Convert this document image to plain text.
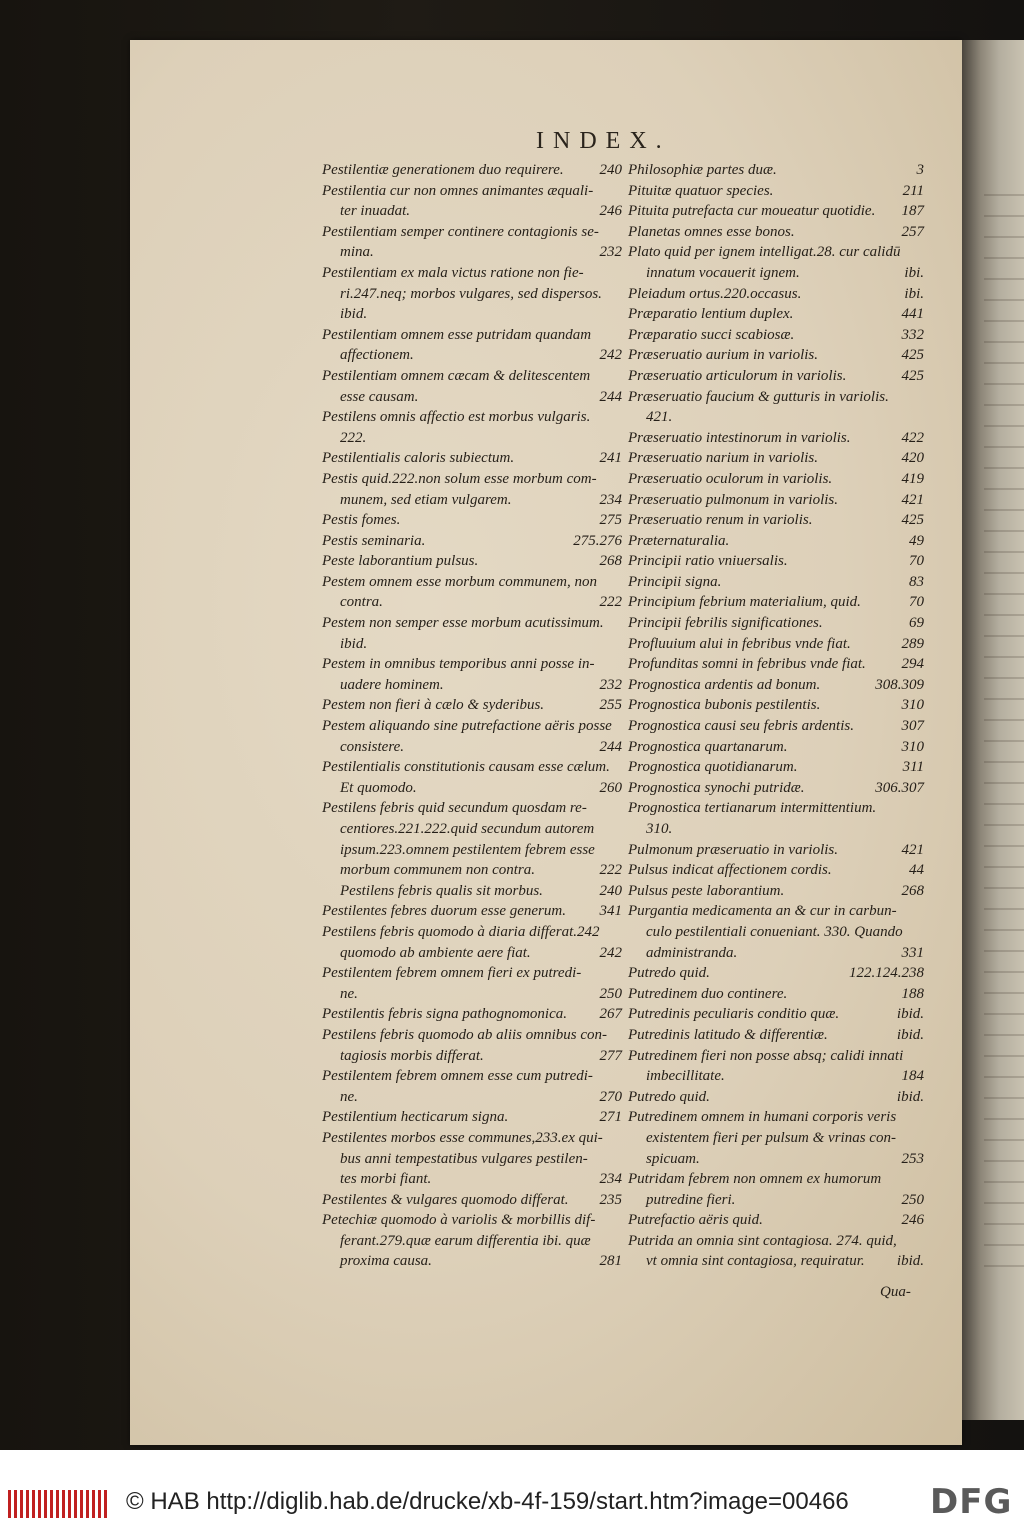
INDEX.
240
Pestilentiæ generationem duo requirere.
Pestilentia cur non omnes animantes æquali-
246
ter inuadat.
Pestilentiam semper continere contagionis se-
232
mina.
Pestilentiam ex mala victus ratione non fie-
ri.247.neq; morbos vulgares, sed dispersos.
ibid.
Pestilentiam omnem esse putridam quandam
242
affectionem.
Pestilentiam omnem cæcam & delitescentem
244
esse causam.
Pestilens omnis affectio est morbus vulgaris.
222.
241
Pestilentialis caloris subiectum.
Pestis quid.222.non solum esse morbum com-
234
munem, sed etiam vulgarem.
275
Pestis fomes.
275.276
Pestis seminaria.
268
Peste laborantium pulsus.
Pestem omnem esse morbum communem, non
222
contra.
Pestem non semper esse morbum acutissimum.
ibid.
Pestem in omnibus temporibus anni posse in-
232
uadere hominem.
255
Pestem non fieri à cælo & syderibus.
Pestem aliquando sine putrefactione aëris posse
244
consistere.
Pestilentialis constitutionis causam esse cælum.
260
Et quomodo.
Pestilens febris quid secundum quosdam re-
centiores.221.222.quid secundum autorem
ipsum.223.omnem pestilentem febrem esse
222
morbum communem non contra.
240
Pestilens febris qualis sit morbus.
341
Pestilentes febres duorum esse generum.
Pestilens febris quomodo à diaria differat.242
242
quomodo ab ambiente aere fiat.
Pestilentem febrem omnem fieri ex putredi-
250
ne.
267
Pestilentis febris signa pathognomonica.
Pestilens febris quomodo ab aliis omnibus con-
277
tagiosis morbis differat.
Pestilentem febrem omnem esse cum putredi-
270
ne.
271
Pestilentium hecticarum signa.
Pestilentes morbos esse communes,233.ex qui-
bus anni tempestatibus vulgares pestilen-
234
tes morbi fiant.
235
Pestilentes & vulgares quomodo differat.
Petechiæ quomodo à variolis & morbillis dif-
ferant.279.quæ earum differentia ibi. quæ
281
proxima causa.
3
Philosophiæ partes duæ.
211
Pituitæ quatuor species.
187
Pituita putrefacta cur moueatur quotidie.
257
Planetas omnes esse bonos.
Plato quid per ignem intelligat.28. cur calidū
ibi.
innatum vocauerit ignem.
ibi.
Pleiadum ortus.220.occasus.
441
Præparatio lentium duplex.
332
Præparatio succi scabiosæ.
425
Præseruatio aurium in variolis.
425
Præseruatio articulorum in variolis.
Præseruatio faucium & gutturis in variolis.
421.
422
Præseruatio intestinorum in variolis.
420
Præseruatio narium in variolis.
419
Præseruatio oculorum in variolis.
421
Præseruatio pulmonum in variolis.
425
Præseruatio renum in variolis.
49
Præternaturalia.
70
Principii ratio vniuersalis.
83
Principii signa.
70
Principium febrium materialium, quid.
69
Principii febrilis significationes.
289
Profluuium alui in febribus vnde fiat.
294
Profunditas somni in febribus vnde fiat.
308.309
Prognostica ardentis ad bonum.
310
Prognostica bubonis pestilentis.
307
Prognostica causi seu febris ardentis.
310
Prognostica quartanarum.
311
Prognostica quotidianarum.
306.307
Prognostica synochi putridæ.
Prognostica tertianarum intermittentium.
310.
421
Pulmonum præseruatio in variolis.
44
Pulsus indicat affectionem cordis.
268
Pulsus peste laborantium.
Purgantia medicamenta an & cur in carbun-
culo pestilentiali conueniant. 330. Quando
331
administranda.
122.124.238
Putredo quid.
188
Putredinem duo continere.
ibid.
Putredinis peculiaris conditio quæ.
ibid.
Putredinis latitudo & differentiæ.
Putredinem fieri non posse absq; calidi innati
184
imbecillitate.
ibid.
Putredo quid.
Putredinem omnem in humani corporis veris
existentem fieri per pulsum & vrinas con-
253
spicuam.
Putridam febrem non omnem ex humorum
250
putredine fieri.
246
Putrefactio aëris quid.
Putrida an omnia sint contagiosa. 274. quid,
ibid.
vt omnia sint contagiosa, requiratur.
Qua-
© HAB http://diglib.hab.de/drucke/xb-4f-159/start.htm?image=00466 DFG
